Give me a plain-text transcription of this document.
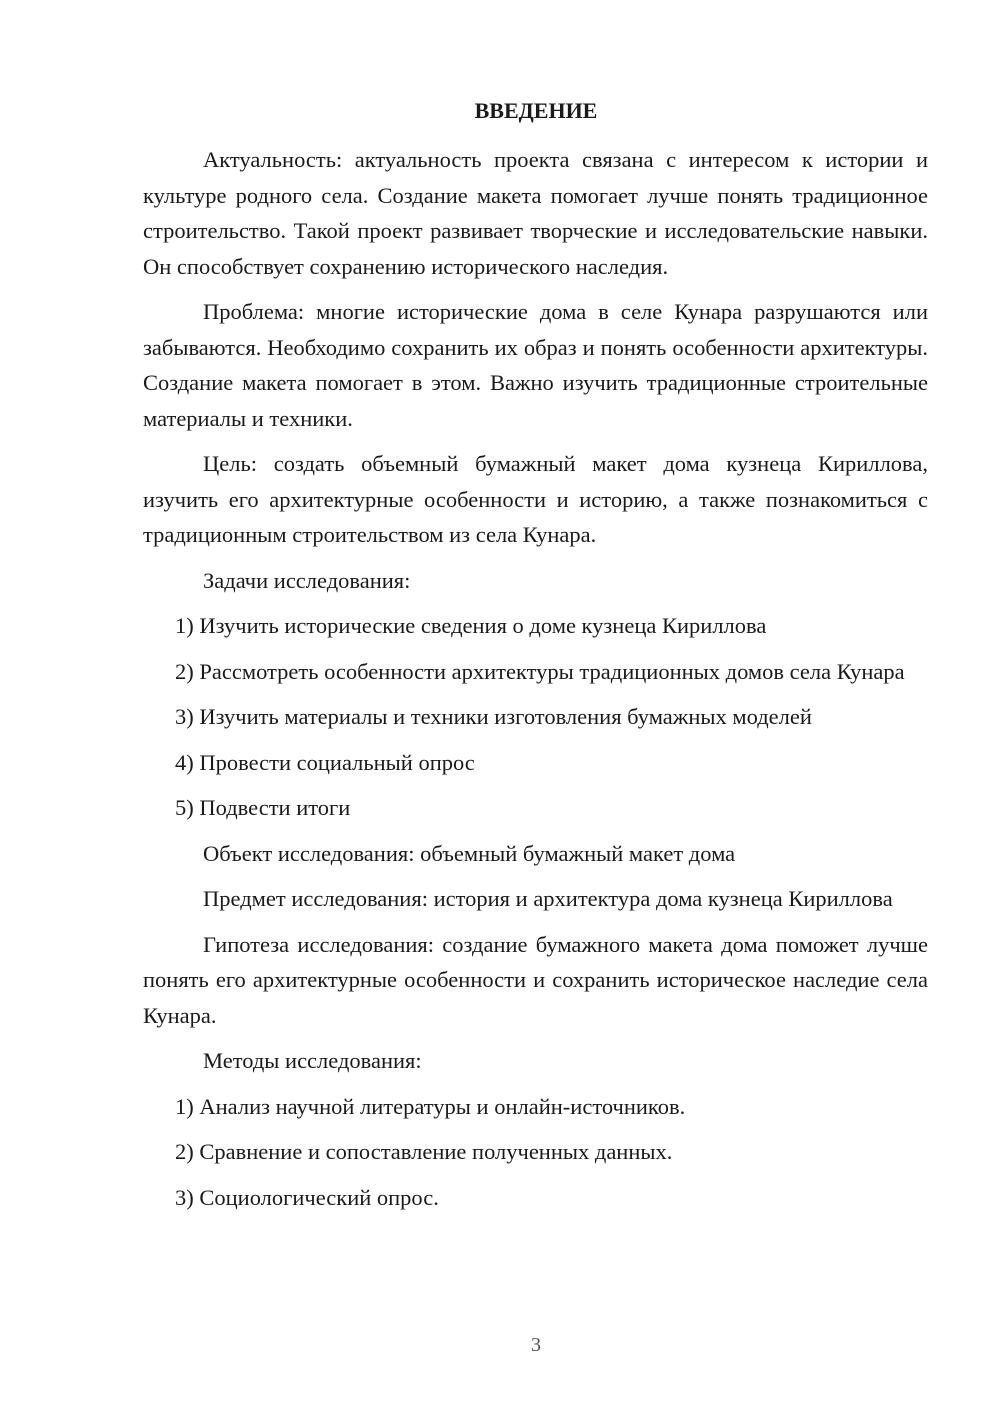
ВВЕДЕНИЕ

Актуальность: актуальность проекта связана с интересом к истории и культуре родного села. Создание макета помогает лучше понять традиционное строительство. Такой проект развивает творческие и исследовательские навыки. Он способствует сохранению исторического наследия.

Проблема: многие исторические дома в селе Кунара разрушаются или забываются. Необходимо сохранить их образ и понять особенности архитектуры. Создание макета помогает в этом. Важно изучить традиционные строительные материалы и техники.

Цель: создать объемный бумажный макет дома кузнеца Кириллова, изучить его архитектурные особенности и историю, а также познакомиться с традиционным строительством из села Кунара.

Задачи исследования:

1) Изучить исторические сведения о доме кузнеца Кириллова

2) Рассмотреть особенности архитектуры традиционных домов села Кунара

3) Изучить материалы и техники изготовления бумажных моделей

4) Провести социальный опрос

5) Подвести итоги

Объект исследования: объемный бумажный макет дома

Предмет исследования: история и архитектура дома кузнеца Кириллова

Гипотеза исследования: создание бумажного макета дома поможет лучше понять его архитектурные особенности и сохранить историческое наследие села Кунара.

Методы исследования:

1) Анализ научной литературы и онлайн-источников.

2) Сравнение и сопоставление полученных данных.

3) Социологический опрос.

3
